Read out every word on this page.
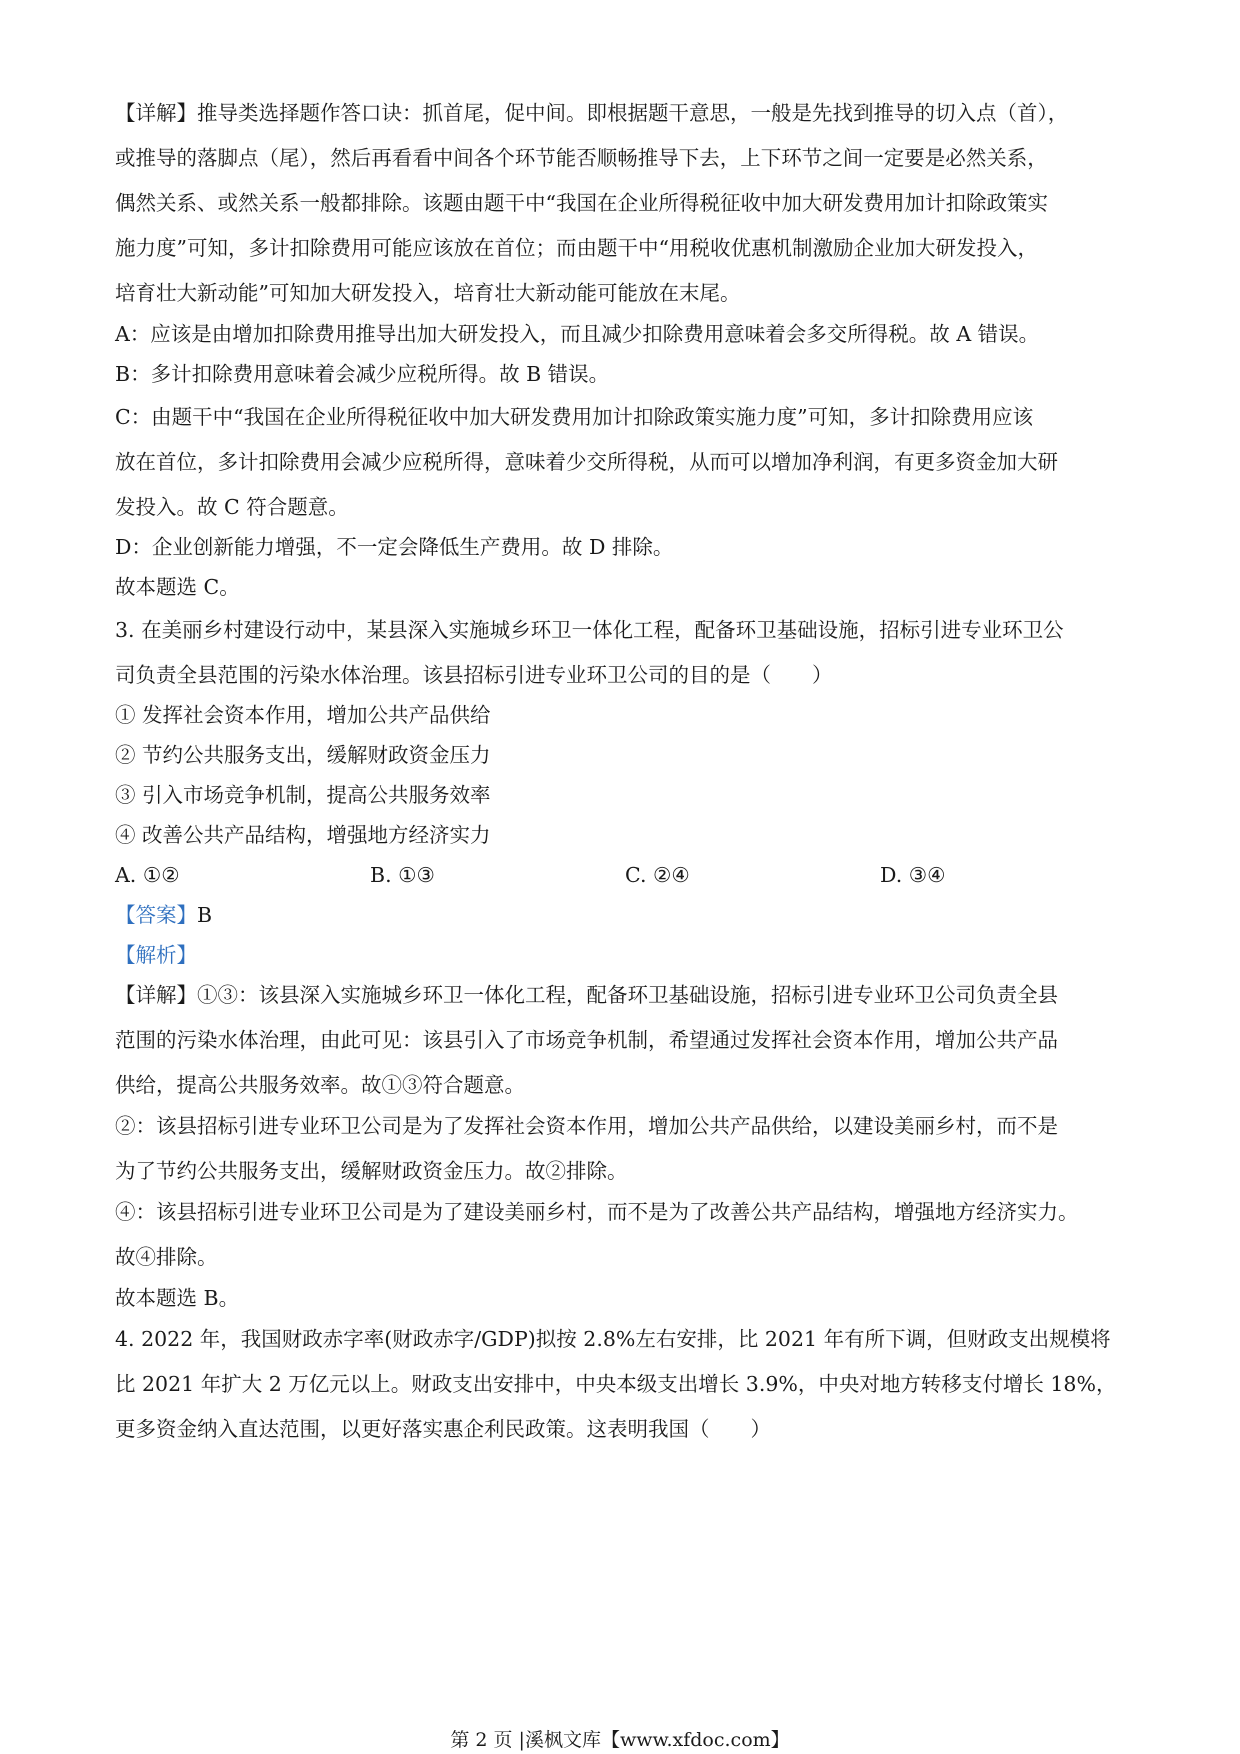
【详解】推导类选择题作答口诀：抓首尾，促中间。即根据题干意思，一般是先找到推导的切入点（首），

或推导的落脚点（尾），然后再看看中间各个环节能否顺畅推导下去，上下环节之间一定要是必然关系，

偶然关系、或然关系一般都排除。该题由题干中“我国在企业所得税征收中加大研发费用加计扣除政策实

施力度”可知，多计扣除费用可能应该放在首位；而由题干中“用税收优惠机制激励企业加大研发投入，

培育壮大新动能”可知加大研发投入，培育壮大新动能可能放在末尾。

A：应该是由增加扣除费用推导出加大研发投入，而且减少扣除费用意味着会多交所得税。故 A 错误。

B：多计扣除费用意味着会减少应税所得。故 B 错误。

C：由题干中“我国在企业所得税征收中加大研发费用加计扣除政策实施力度”可知，多计扣除费用应该

放在首位，多计扣除费用会减少应税所得，意味着少交所得税，从而可以增加净利润，有更多资金加大研

发投入。故 C 符合题意。

D：企业创新能力增强，不一定会降低生产费用。故 D 排除。

故本题选 C。

3. 在美丽乡村建设行动中，某县深入实施城乡环卫一体化工程，配备环卫基础设施，招标引进专业环卫公

司负责全县范围的污染水体治理。该县招标引进专业环卫公司的目的是（　　）

① 发挥社会资本作用，增加公共产品供给

② 节约公共服务支出，缓解财政资金压力

③ 引入市场竞争机制，提高公共服务效率

④ 改善公共产品结构，增强地方经济实力

A. ①②	B. ①③	C. ②④	D. ③④

【答案】B

【解析】

【详解】①③：该县深入实施城乡环卫一体化工程，配备环卫基础设施，招标引进专业环卫公司负责全县

范围的污染水体治理，由此可见：该县引入了市场竞争机制，希望通过发挥社会资本作用，增加公共产品

供给，提高公共服务效率。故①③符合题意。

②：该县招标引进专业环卫公司是为了发挥社会资本作用，增加公共产品供给，以建设美丽乡村，而不是

为了节约公共服务支出，缓解财政资金压力。故②排除。

④：该县招标引进专业环卫公司是为了建设美丽乡村，而不是为了改善公共产品结构，增强地方经济实力。

故④排除。

故本题选 B。

4. 2022 年，我国财政赤字率(财政赤字/GDP)拟按 2.8%左右安排，比 2021 年有所下调，但财政支出规模将

比 2021 年扩大 2 万亿元以上。财政支出安排中，中央本级支出增长 3.9%，中央对地方转移支付增长 18%，

更多资金纳入直达范围，以更好落实惠企利民政策。这表明我国（　　）

第 2 页 |溪枫文库【www.xfdoc.com】
